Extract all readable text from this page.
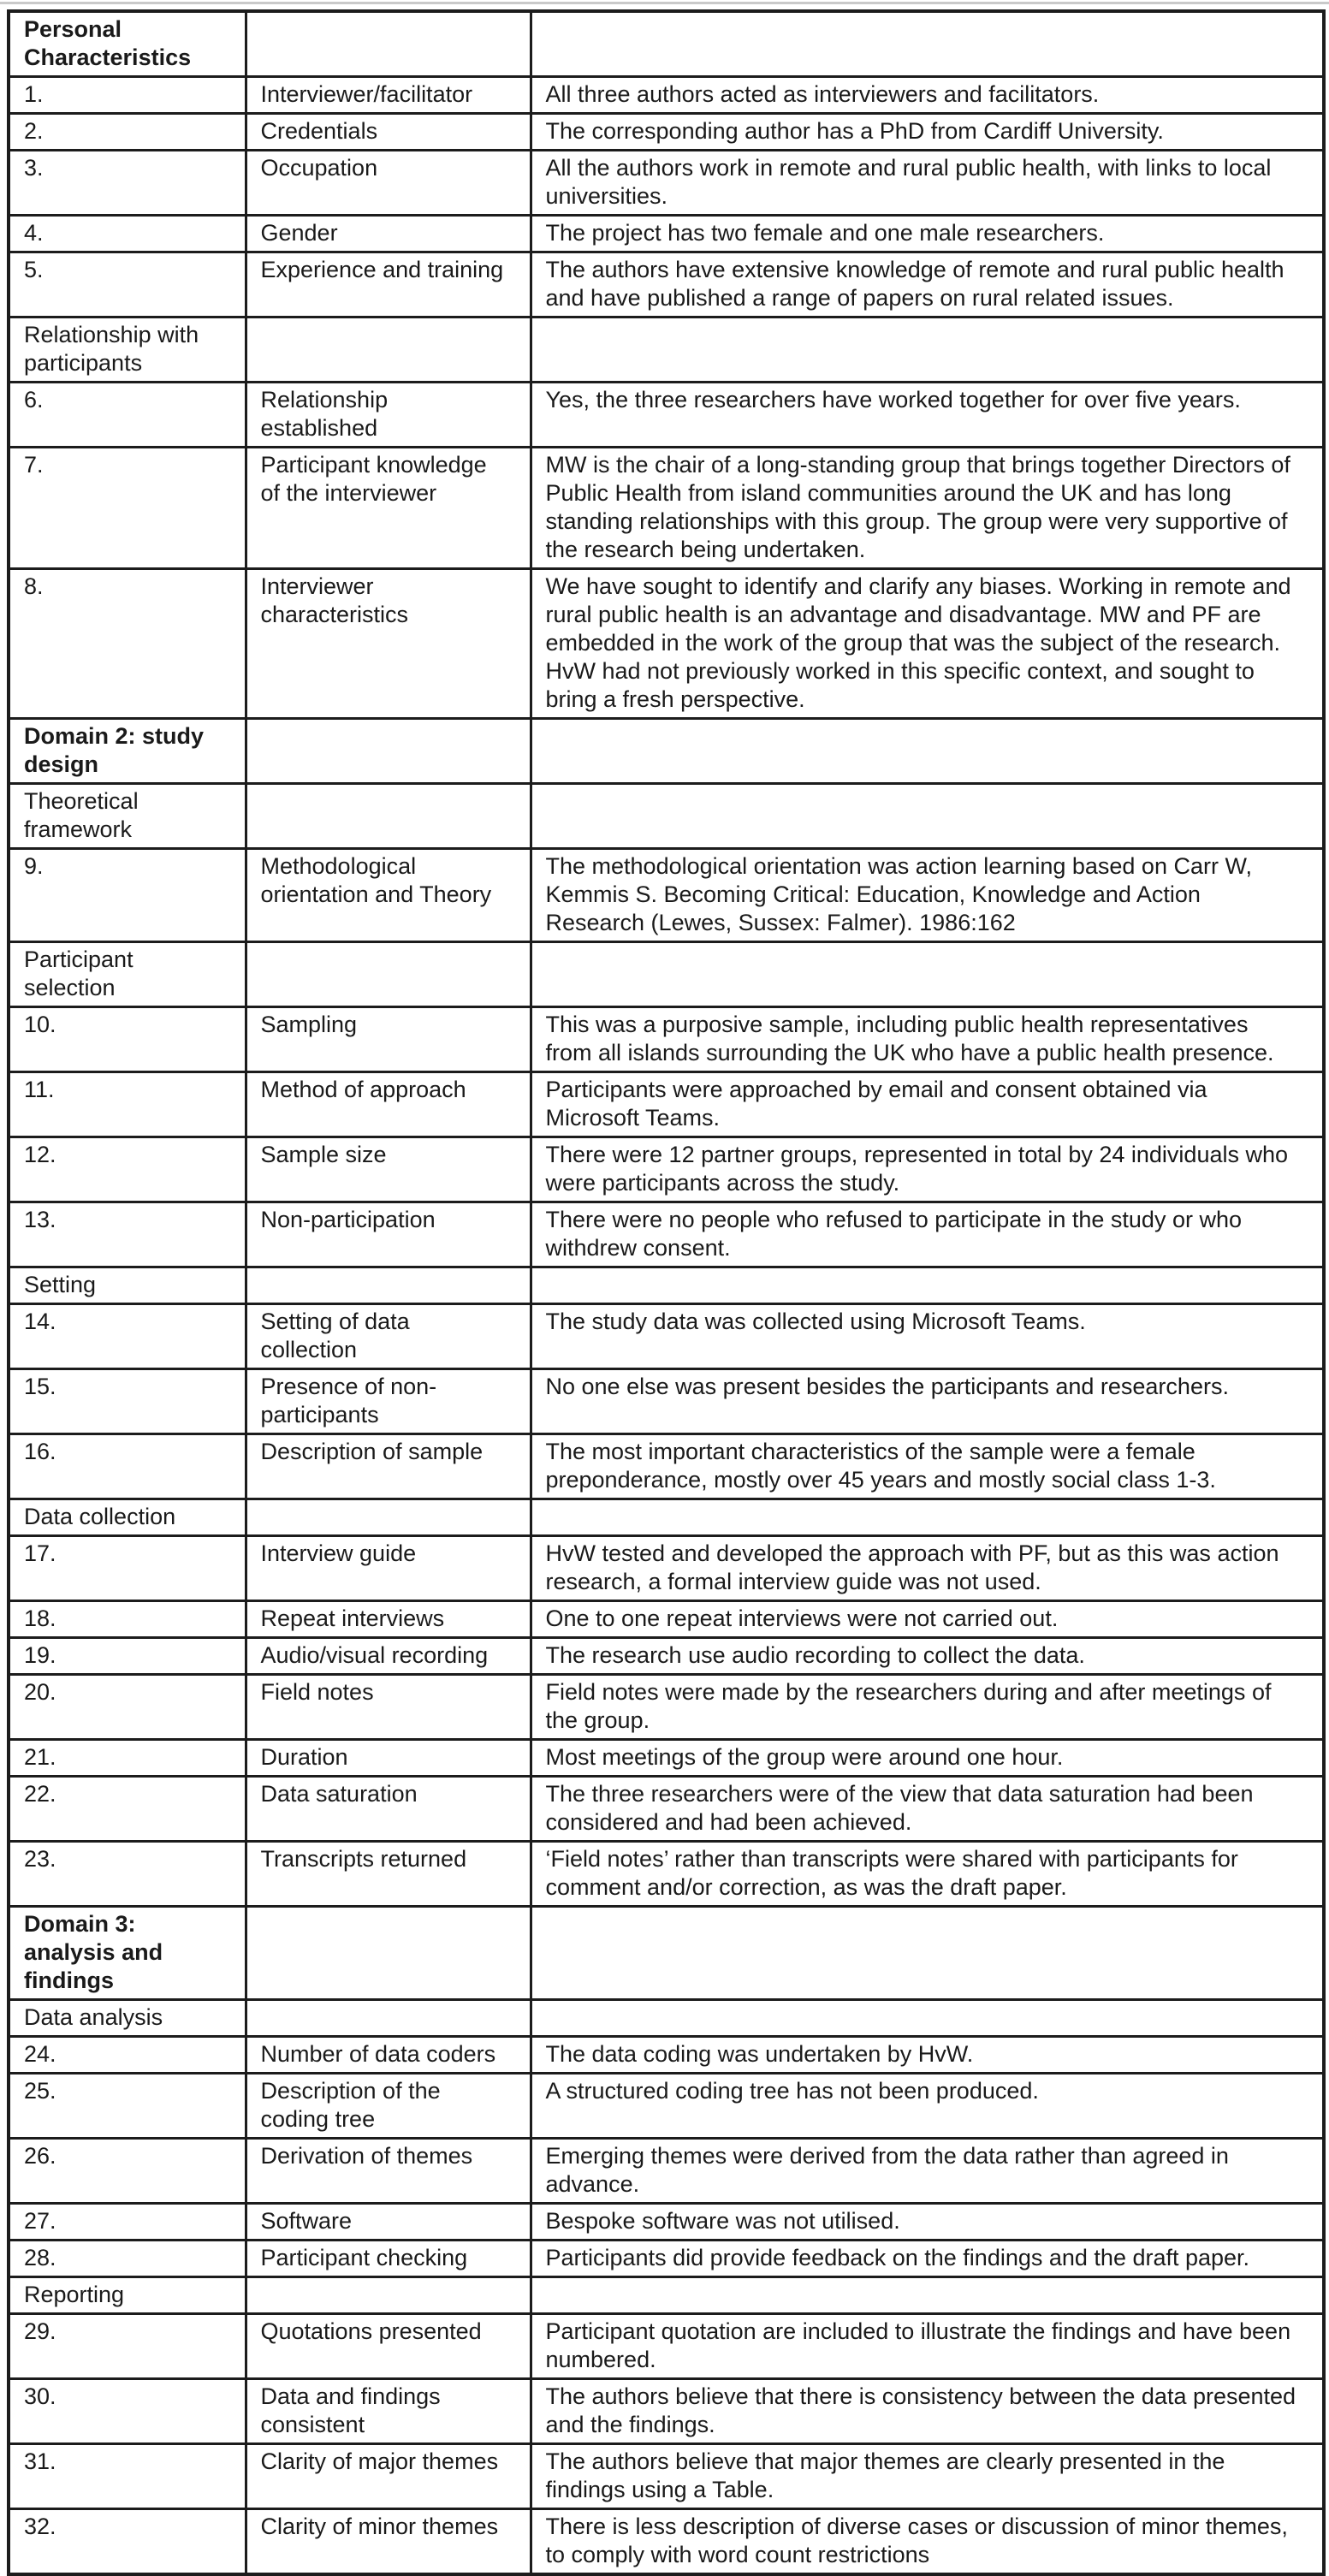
Personal Characteristics		
1.	Interviewer/facilitator	All three authors acted as interviewers and facilitators.
2.	Credentials	The corresponding author has a PhD from Cardiff University.
3.	Occupation	All the authors work in remote and rural public health, with links to local universities.
4.	Gender	The project has two female and one male researchers.
5.	Experience and training	The authors have extensive knowledge of remote and rural public health and have published a range of papers on rural related issues.
Relationship with participants		
6.	Relationship established	Yes, the three researchers have worked together for over five years.
7.	Participant knowledge of the interviewer	MW is the chair of a long-standing group that brings together Directors of Public Health from island communities around the UK and has long standing relationships with this group. The group were very supportive of the research being undertaken.
8.	Interviewer characteristics	We have sought to identify and clarify any biases. Working in remote and rural public health is an advantage and disadvantage. MW and PF are embedded in the work of the group that was the subject of the research. HvW had not previously worked in this specific context, and sought to bring a fresh perspective.
Domain 2: study design		
Theoretical framework		
9.	Methodological orientation and Theory	The methodological orientation was action learning based on Carr W, Kemmis S. Becoming Critical: Education, Knowledge and Action Research (Lewes, Sussex: Falmer). 1986:162
Participant selection		
10.	Sampling	This was a purposive sample, including public health representatives from all islands surrounding the UK who have a public health presence.
11.	Method of approach	Participants were approached by email and consent obtained via Microsoft Teams.
12.	Sample size	There were 12 partner groups, represented in total by 24 individuals who were participants across the study.
13.	Non-participation	There were no people who refused to participate in the study or who withdrew consent.
Setting		
14.	Setting of data collection	The study data was collected using Microsoft Teams.
15.	Presence of non-participants	No one else was present besides the participants and researchers.
16.	Description of sample	The most important characteristics of the sample were a female preponderance, mostly over 45 years and mostly social class 1-3.
Data collection		
17.	Interview guide	HvW tested and developed the approach with PF, but as this was action research, a formal interview guide was not used.
18.	Repeat interviews	One to one repeat interviews were not carried out.
19.	Audio/visual recording	The research use audio recording to collect the data.
20.	Field notes	Field notes were made by the researchers during and after meetings of the group.
21.	Duration	Most meetings of the group were around one hour.
22.	Data saturation	The three researchers were of the view that data saturation had been considered and had been achieved.
23.	Transcripts returned	‘Field notes’ rather than transcripts were shared with participants for comment and/or correction, as was the draft paper.
Domain 3: analysis and findings		
Data analysis		
24.	Number of data coders	The data coding was undertaken by HvW.
25.	Description of the coding tree	A structured coding tree has not been produced.
26.	Derivation of themes	Emerging themes were derived from the data rather than agreed in advance.
27.	Software	Bespoke software was not utilised.
28.	Participant checking	Participants did provide feedback on the findings and the draft paper.
Reporting		
29.	Quotations presented	Participant quotation are included to illustrate the findings and have been numbered.
30.	Data and findings consistent	The authors believe that there is consistency between the data presented and the findings.
31.	Clarity of major themes	The authors believe that major themes are clearly presented in the findings using a Table.
32.	Clarity of minor themes	There is less description of diverse cases or discussion of minor themes, to comply with word count restrictions
